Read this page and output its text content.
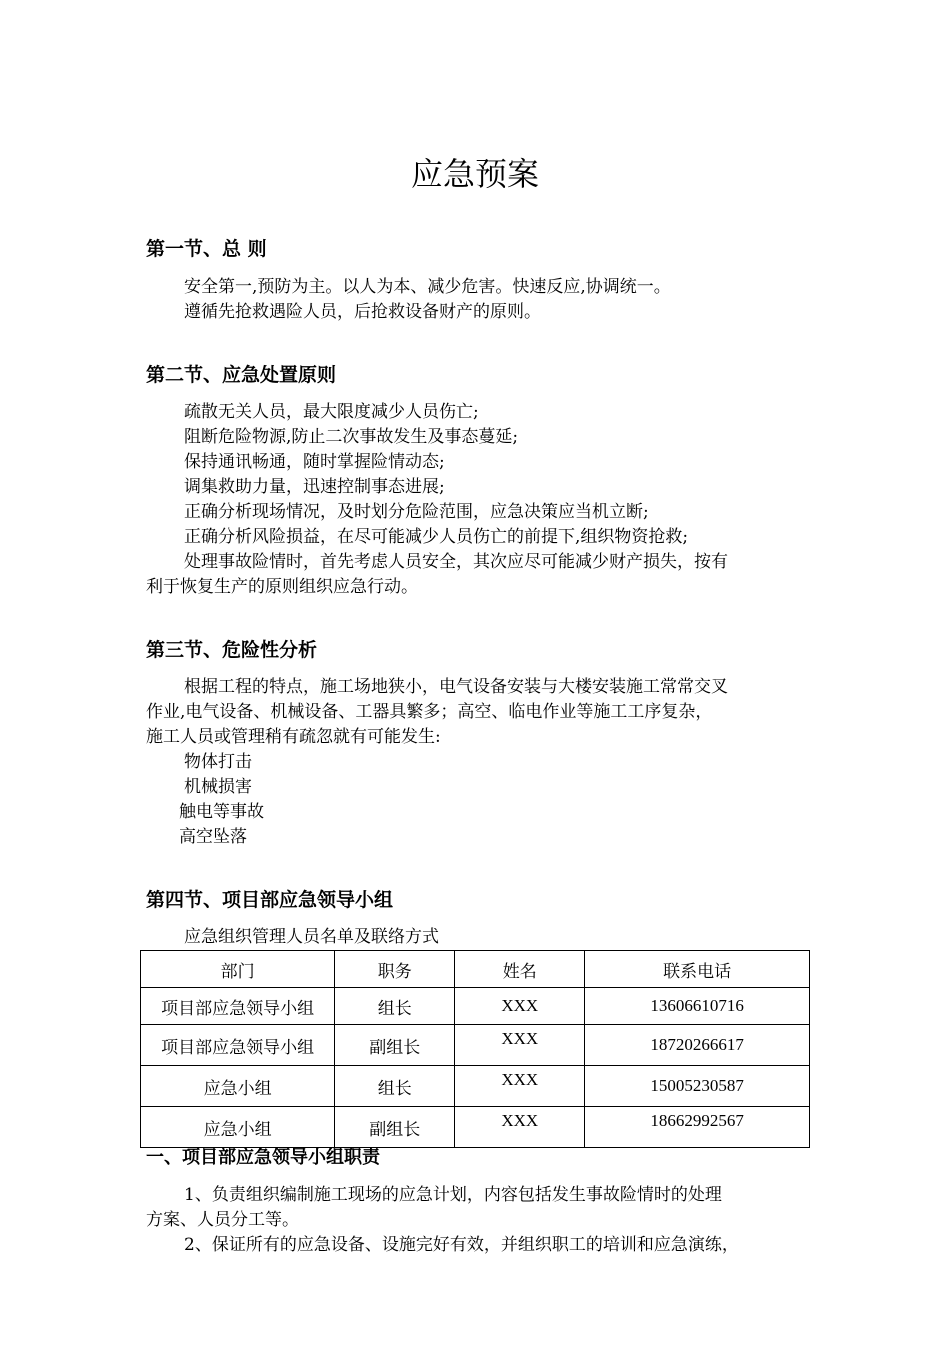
应急预案
第一节、总 则
安全第一,预防为主。以人为本、减少危害。快速反应,协调统一。
遵循先抢救遇险人员，后抢救设备财产的原则。
第二节、应急处置原则
疏散无关人员，最大限度减少人员伤亡;
阻断危险物源,防止二次事故发生及事态蔓延;
保持通讯畅通，随时掌握险情动态;
调集救助力量，迅速控制事态进展;
正确分析现场情况，及时划分危险范围，应急决策应当机立断;
正确分析风险损益，在尽可能减少人员伤亡的前提下,组织物资抢救;
处理事故险情时，首先考虑人员安全，其次应尽可能减少财产损失，按有
利于恢复生产的原则组织应急行动。
第三节、危险性分析
根据工程的特点，施工场地狭小，电气设备安装与大楼安装施工常常交叉
作业,电气设备、机械设备、工器具繁多；高空、临电作业等施工工序复杂，
施工人员或管理稍有疏忽就有可能发生:
物体打击
机械损害
触电等事故
高空坠落
第四节、项目部应急领导小组
应急组织管理人员名单及联络方式
部门	职务	姓名	联系电话
项目部应急领导小组	组长	XXX	13606610716
项目部应急领导小组	副组长	XXX	18720266617
应急小组	组长	XXX	15005230587
应急小组	副组长	XXX	18662992567
一、项目部应急领导小组职责
1、负责组织编制施工现场的应急计划，内容包括发生事故险情时的处理
方案、人员分工等。
2、保证所有的应急设备、设施完好有效，并组织职工的培训和应急演练，
